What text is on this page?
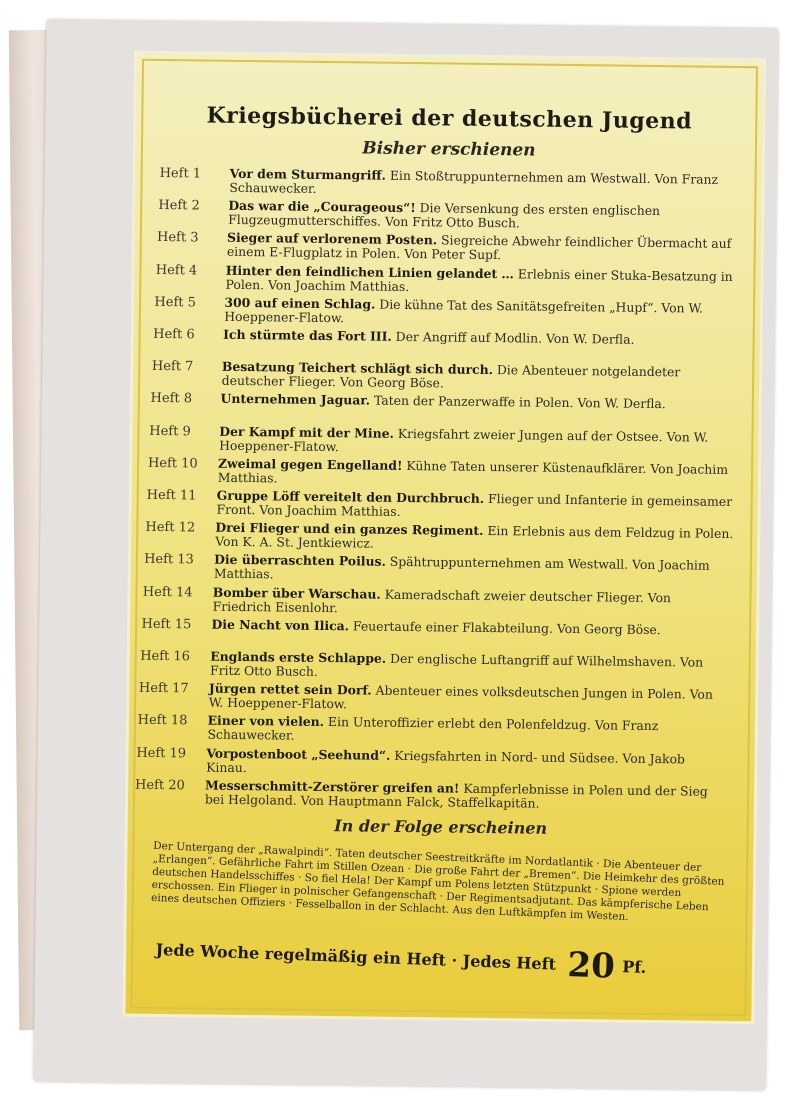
Kriegsbücherei der deutschen Jugend
Bisher erschienen
Heft 1	Vor dem Sturmangriff. Ein Stoßtruppunternehmen am Westwall. Von Franz Schauwecker.
Heft 2	Das war die „Courageous“! Die Versenkung des ersten englischen Flugzeugmutterschiffes. Von Fritz Otto Busch.
Heft 3	Sieger auf verlorenem Posten. Siegreiche Abwehr feindlicher Übermacht auf einem E-Flugplatz in Polen. Von Peter Supf.
Heft 4	Hinter den feindlichen Linien gelandet … Erlebnis einer Stuka-Besatzung in Polen. Von Joachim Matthias.
Heft 5	300 auf einen Schlag. Die kühne Tat des Sanitätsgefreiten „Hupf“. Von W. Hoeppener-Flatow.
Heft 6	Ich stürmte das Fort III. Der Angriff auf Modlin. Von W. Derfla.
Heft 7	Besatzung Teichert schlägt sich durch. Die Abenteuer notgelandeter deutscher Flieger. Von Georg Böse.
Heft 8	Unternehmen Jaguar. Taten der Panzerwaffe in Polen. Von W. Derfla.
Heft 9	Der Kampf mit der Mine. Kriegsfahrt zweier Jungen auf der Ostsee. Von W. Hoeppener-Flatow.
Heft 10	Zweimal gegen Engelland! Kühne Taten unserer Küstenaufklärer. Von Joachim Matthias.
Heft 11	Gruppe Löff vereitelt den Durchbruch. Flieger und Infanterie in gemeinsamer Front. Von Joachim Matthias.
Heft 12	Drei Flieger und ein ganzes Regiment. Ein Erlebnis aus dem Feldzug in Polen. Von K. A. St. Jentkiewicz.
Heft 13	Die überraschten Poilus. Spähtruppunternehmen am Westwall. Von Joachim Matthias.
Heft 14	Bomber über Warschau. Kameradschaft zweier deutscher Flieger. Von Friedrich Eisenlohr.
Heft 15	Die Nacht von Ilica. Feuertaufe einer Flakabteilung. Von Georg Böse.
Heft 16	Englands erste Schlappe. Der englische Luftangriff auf Wilhelmshaven. Von Fritz Otto Busch.
Heft 17	Jürgen rettet sein Dorf. Abenteuer eines volksdeutschen Jungen in Polen. Von W. Hoeppener-Flatow.
Heft 18	Einer von vielen. Ein Unteroffizier erlebt den Polenfeldzug. Von Franz Schauwecker.
Heft 19	Vorpostenboot „Seehund“. Kriegsfahrten in Nord- und Südsee. Von Jakob Kinau.
Heft 20	Messerschmitt-Zerstörer greifen an! Kampferlebnisse in Polen und der Sieg bei Helgoland. Von Hauptmann Falck, Staffelkapitän.
In der Folge erscheinen
Der Untergang der „Rawalpindi“. Taten deutscher Seestreitkräfte im Nordatlantik · Die Abenteuer der „Erlangen“. Gefährliche Fahrt im Stillen Ozean · Die große Fahrt der „Bremen“. Die Heimkehr des größten deutschen Handelsschiffes · So fiel Hela! Der Kampf um Polens letzten Stützpunkt · Spione werden erschossen. Ein Flieger in polnischer Gefangenschaft · Der Regimentsadjutant. Das kämpferische Leben eines deutschen Offiziers · Fesselballon in der Schlacht. Aus den Luftkämpfen im Westen.
Jede Woche regelmäßig ein Heft · Jedes Heft 20 Pf.
